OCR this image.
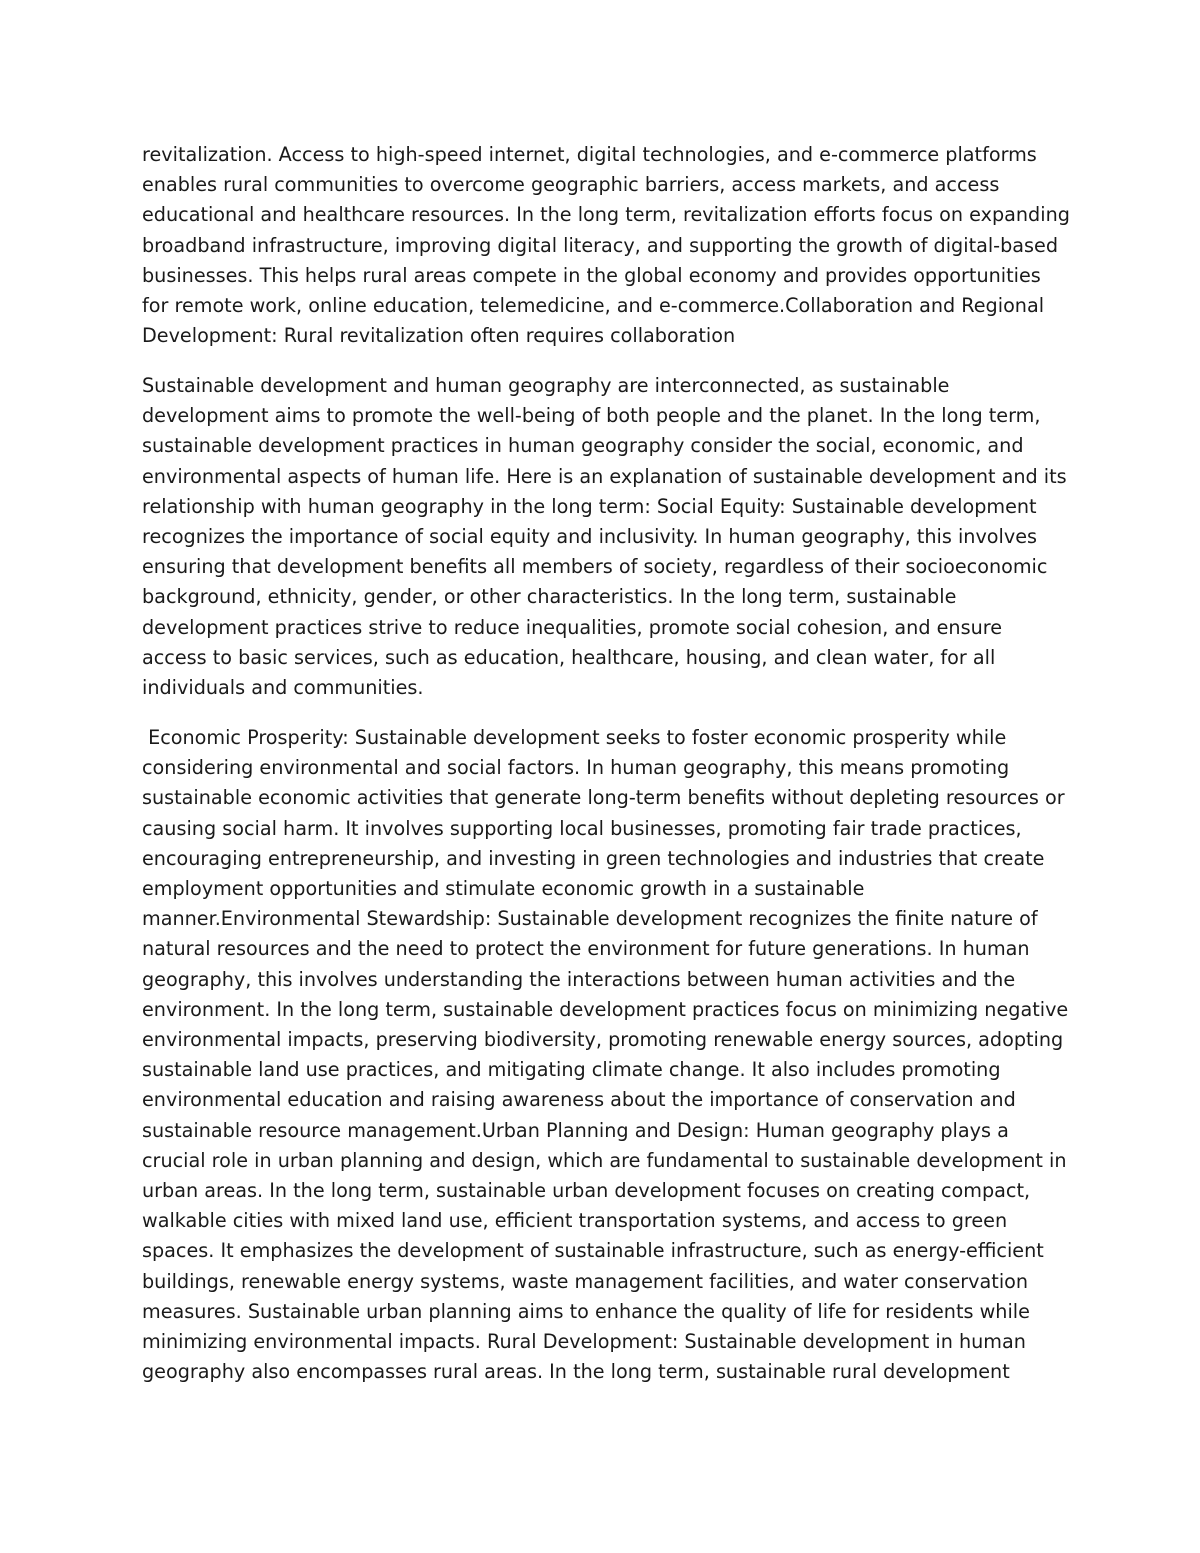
revitalization. Access to high-speed internet, digital technologies, and e-commerce platforms
enables rural communities to overcome geographic barriers, access markets, and access
educational and healthcare resources. In the long term, revitalization efforts focus on expanding
broadband infrastructure, improving digital literacy, and supporting the growth of digital-based
businesses. This helps rural areas compete in the global economy and provides opportunities
for remote work, online education, telemedicine, and e-commerce.Collaboration and Regional
Development: Rural revitalization often requires collaboration

Sustainable development and human geography are interconnected, as sustainable
development aims to promote the well-being of both people and the planet. In the long term,
sustainable development practices in human geography consider the social, economic, and
environmental aspects of human life. Here is an explanation of sustainable development and its
relationship with human geography in the long term: Social Equity: Sustainable development
recognizes the importance of social equity and inclusivity. In human geography, this involves
ensuring that development benefits all members of society, regardless of their socioeconomic
background, ethnicity, gender, or other characteristics. In the long term, sustainable
development practices strive to reduce inequalities, promote social cohesion, and ensure
access to basic services, such as education, healthcare, housing, and clean water, for all
individuals and communities.

Economic Prosperity: Sustainable development seeks to foster economic prosperity while
considering environmental and social factors. In human geography, this means promoting
sustainable economic activities that generate long-term benefits without depleting resources or
causing social harm. It involves supporting local businesses, promoting fair trade practices,
encouraging entrepreneurship, and investing in green technologies and industries that create
employment opportunities and stimulate economic growth in a sustainable
manner.Environmental Stewardship: Sustainable development recognizes the finite nature of
natural resources and the need to protect the environment for future generations. In human
geography, this involves understanding the interactions between human activities and the
environment. In the long term, sustainable development practices focus on minimizing negative
environmental impacts, preserving biodiversity, promoting renewable energy sources, adopting
sustainable land use practices, and mitigating climate change. It also includes promoting
environmental education and raising awareness about the importance of conservation and
sustainable resource management.Urban Planning and Design: Human geography plays a
crucial role in urban planning and design, which are fundamental to sustainable development in
urban areas. In the long term, sustainable urban development focuses on creating compact,
walkable cities with mixed land use, efficient transportation systems, and access to green
spaces. It emphasizes the development of sustainable infrastructure, such as energy-efficient
buildings, renewable energy systems, waste management facilities, and water conservation
measures. Sustainable urban planning aims to enhance the quality of life for residents while
minimizing environmental impacts. Rural Development: Sustainable development in human
geography also encompasses rural areas. In the long term, sustainable rural development
